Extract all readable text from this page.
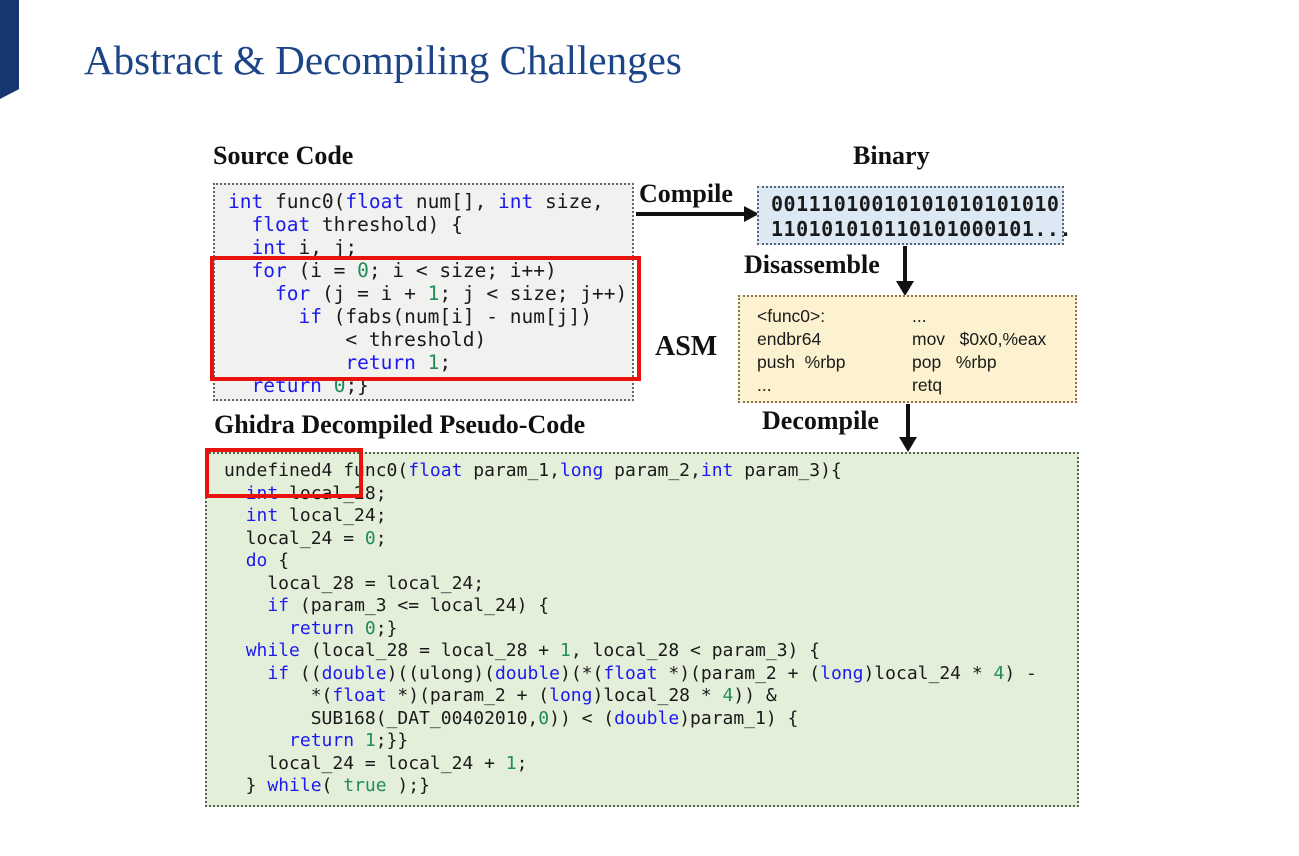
Abstract & Decompiling Challenges
Source Code
int func0(float num[], int size,
float threshold) {
int i, j;
for (i = 0; i < size; i++)
for (j = i + 1; j < size; j++)
if (fabs(num[i] - num[j])
< threshold)
return 1;
return 0;}
Compile
Binary
00111010010101010101010
110101010110101000101...
Disassemble
ASM
<func0>:
endbr64
push  %rbp
...
...
mov   $0x0,%eax
pop   %rbp
retq
Decompile
Ghidra Decompiled Pseudo-Code
undefined4 func0(float param_1,long param_2,int param_3){
int local_28;
int local_24;
local_24 = 0;
do {
local_28 = local_24;
if (param_3 <= local_24) {
return 0;}
while (local_28 = local_28 + 1, local_28 < param_3) {
if ((double)((ulong)(double)(*(float *)(param_2 + (long)local_24 * 4) -
*(float *)(param_2 + (long)local_28 * 4)) &
SUB168(_DAT_00402010,0)) < (double)param_1) {
return 1;}}
local_24 = local_24 + 1;
} while( true );}
